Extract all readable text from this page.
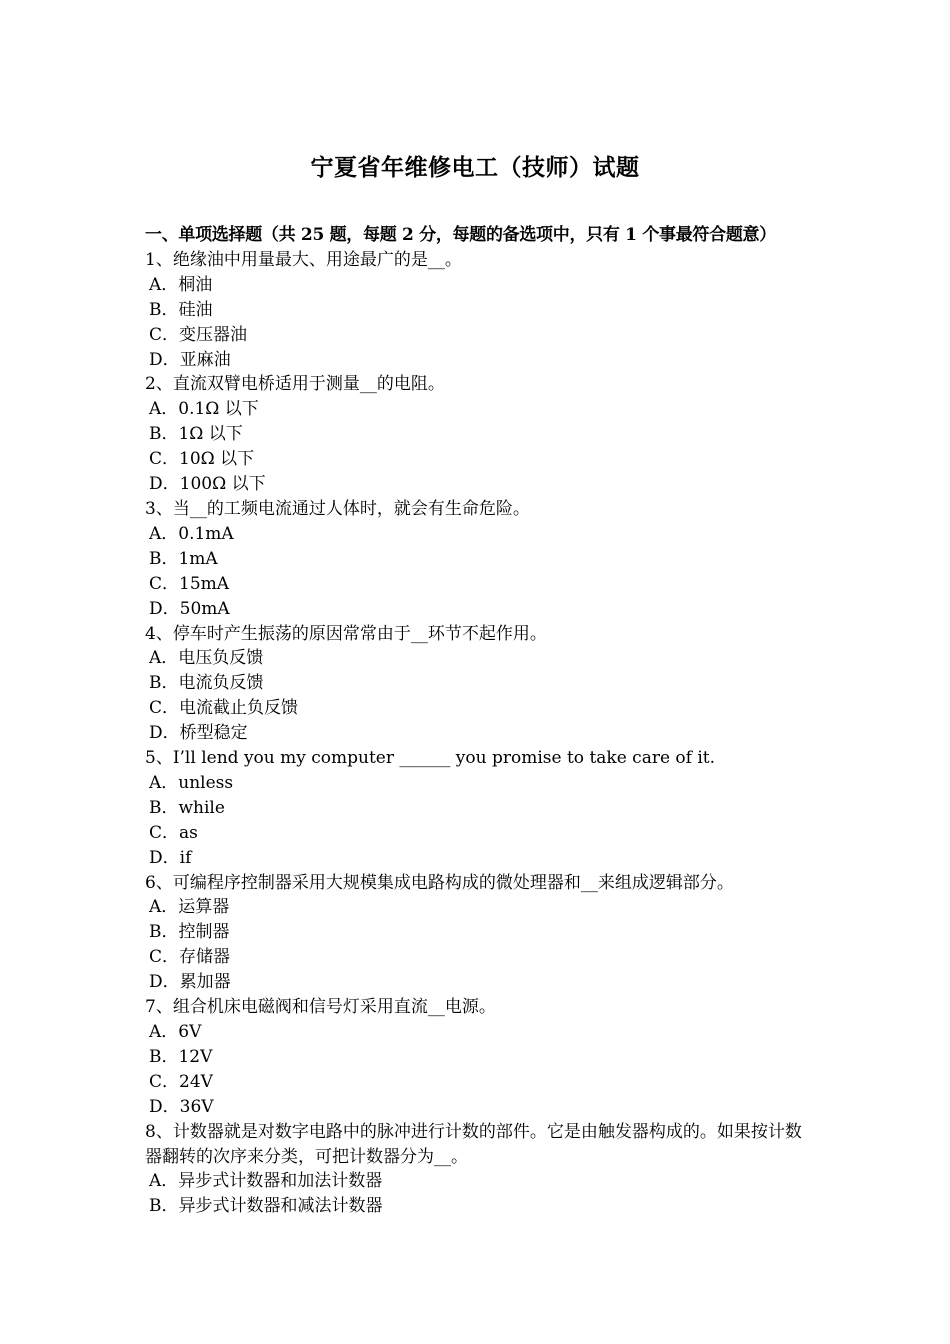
宁夏省年维修电工（技师）试题
一、单项选择题（共 25 题，每题 2 分，每题的备选项中，只有 1 个事最符合题意）
1、绝缘油中用量最大、用途最广的是__。
A．桐油
B．硅油
C．变压器油
D．亚麻油
2、直流双臂电桥适用于测量__的电阻。
A．0.1Ω 以下
B．1Ω 以下
C．10Ω 以下
D．100Ω 以下
3、当__的工频电流通过人体时，就会有生命危险。
A．0.1mA
B．1mA
C．15mA
D．50mA
4、停车时产生振荡的原因常常由于__环节不起作用。
A．电压负反馈
B．电流负反馈
C．电流截止负反馈
D．桥型稳定
5、I’ll lend you my computer ______ you promise to take care of it.
A．unless
B．while
C．as
D．if
6、可编程序控制器采用大规模集成电路构成的微处理器和__来组成逻辑部分。
A．运算器
B．控制器
C．存储器
D．累加器
7、组合机床电磁阀和信号灯采用直流__电源。
A．6V
B．12V
C．24V
D．36V
8、计数器就是对数字电路中的脉冲进行计数的部件。它是由触发器构成的。如果按计数器翻转的次序来分类，可把计数器分为__。
A．异步式计数器和加法计数器
B．异步式计数器和减法计数器
